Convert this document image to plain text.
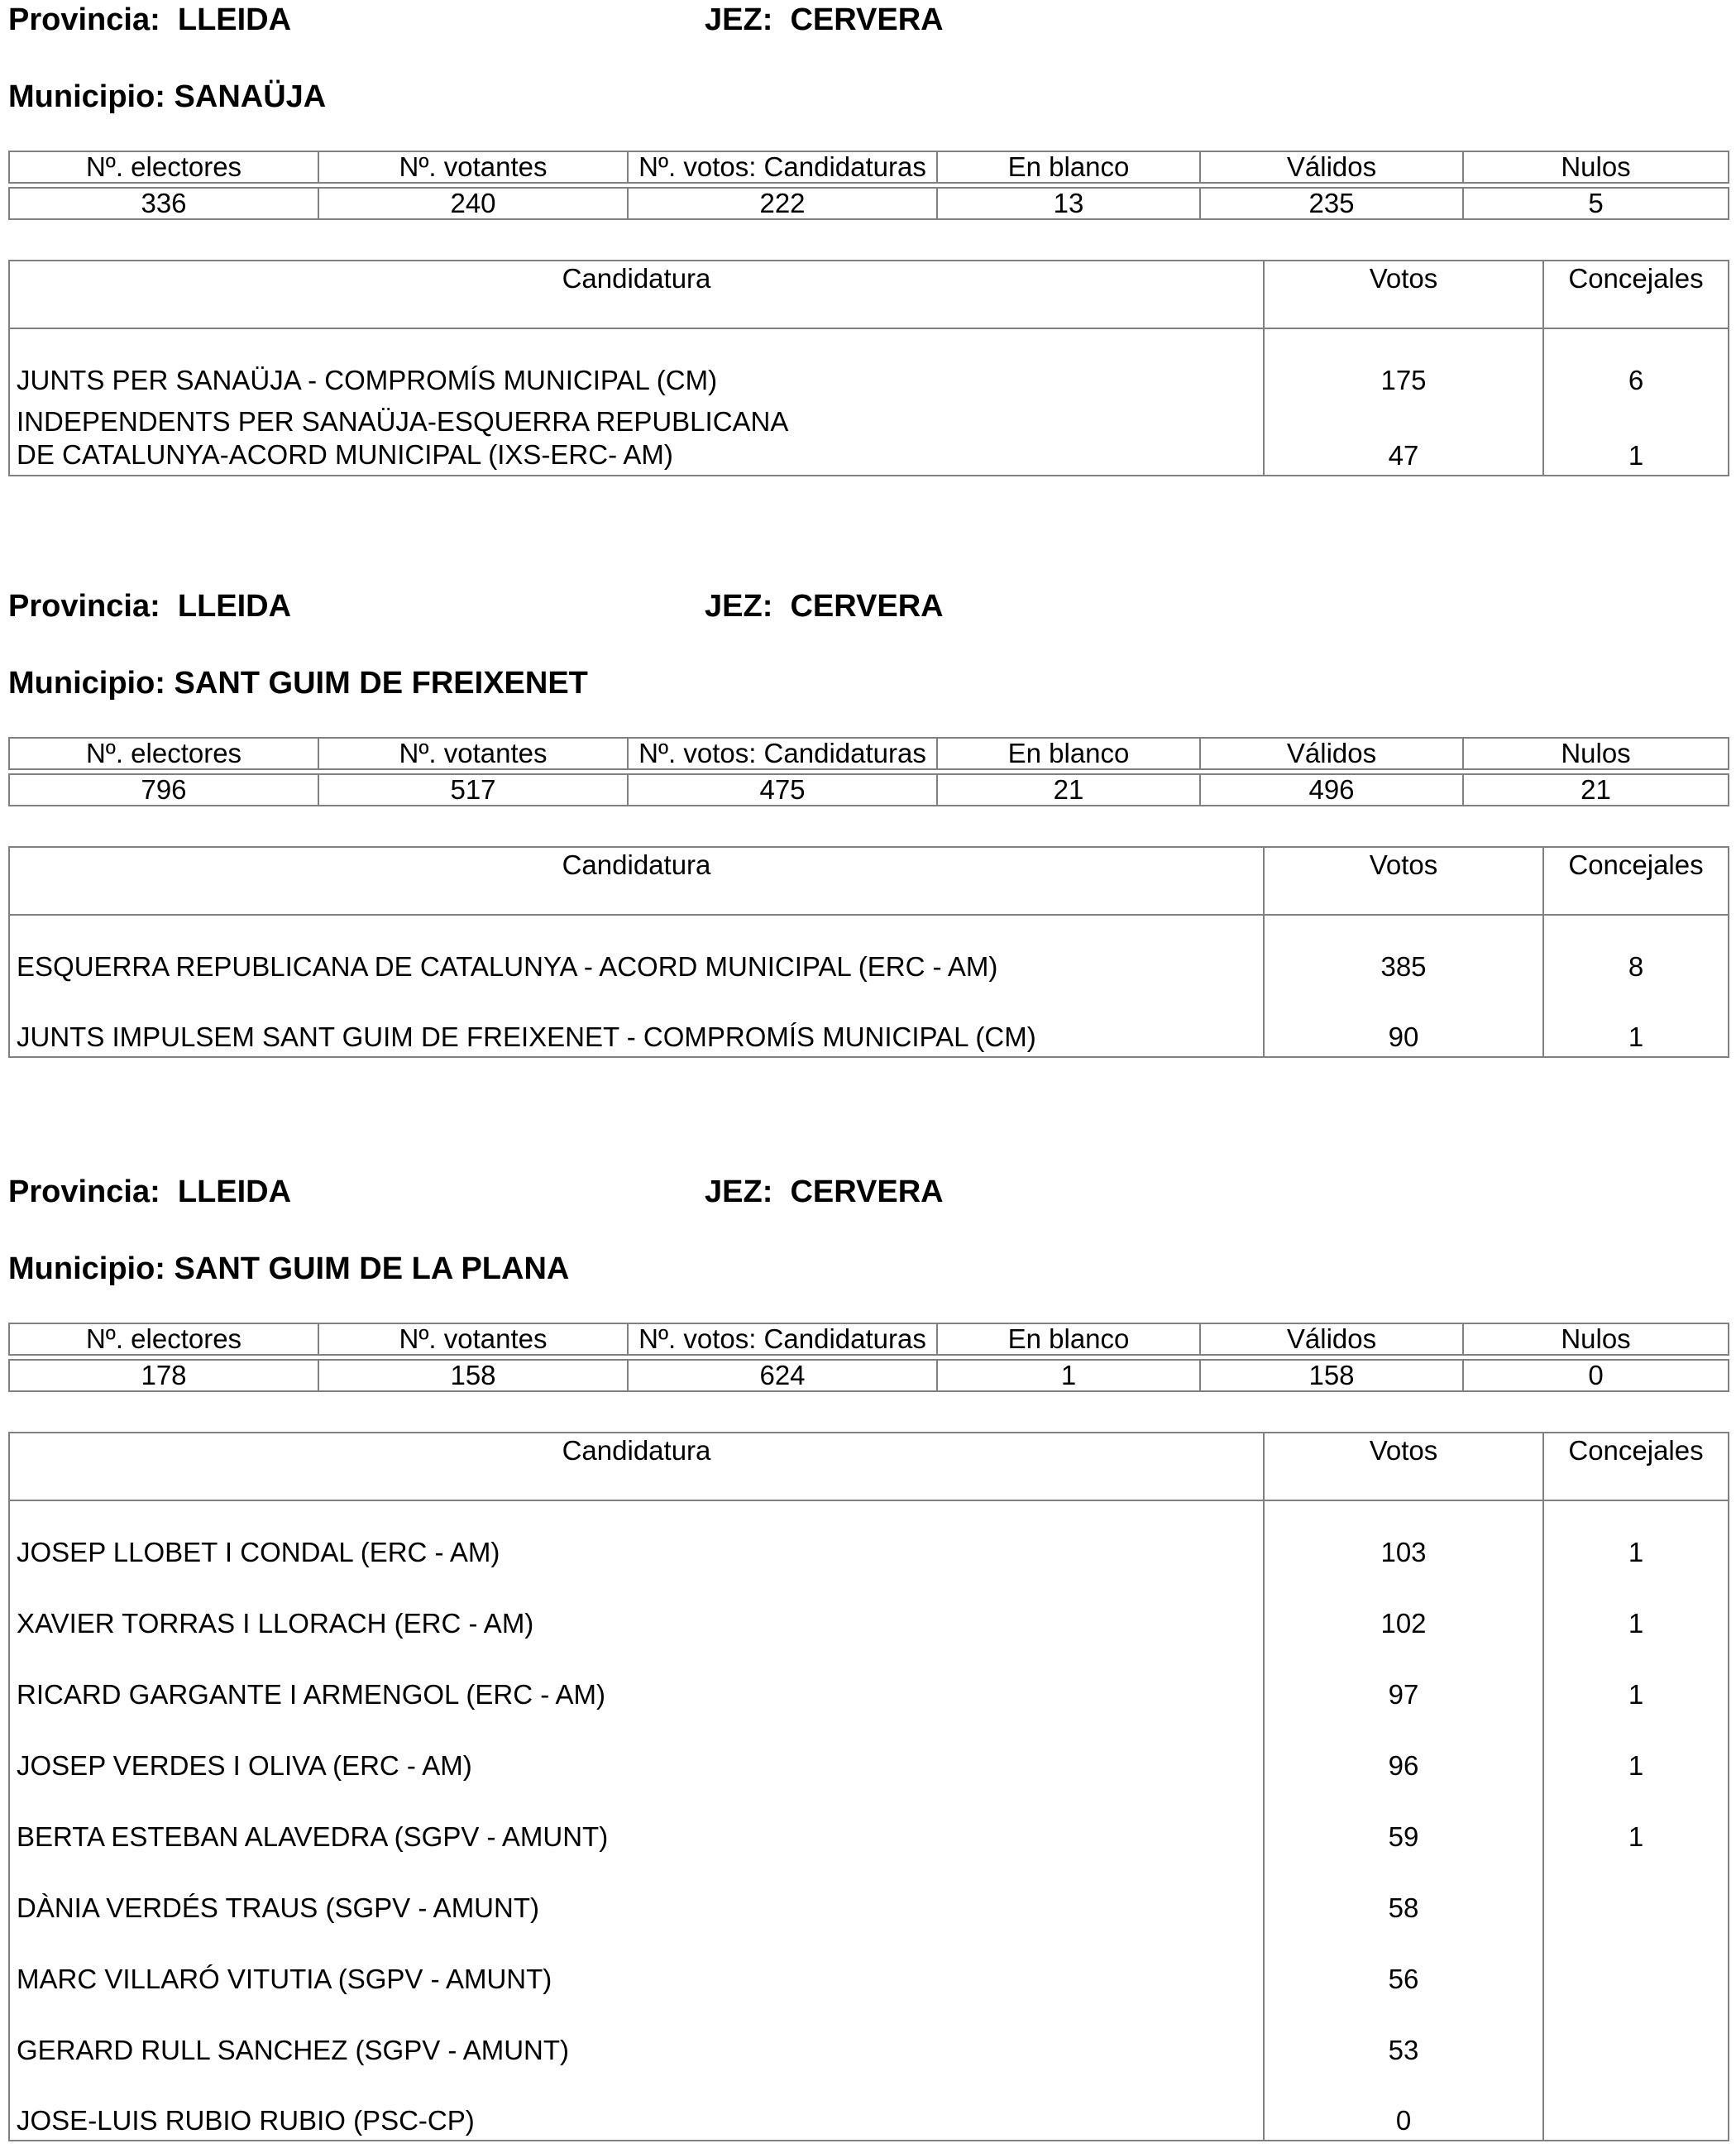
Provincia: LLEIDA	JEZ: CERVERA
Municipio: SANAÜJA
Nº. electores	Nº. votantes	Nº. votos: Candidaturas	En blanco	Válidos	Nulos
336	240	222	13	235	5
Candidatura	Votos	Concejales
JUNTS PER SANAÜJA - COMPROMÍS MUNICIPAL (CM)	175	6
INDEPENDENTS PER SANAÜJA-ESQUERRA REPUBLICANA DE CATALUNYA-ACORD MUNICIPAL (IXS-ERC- AM)	47	1
Provincia: LLEIDA	JEZ: CERVERA
Municipio: SANT GUIM DE FREIXENET
Nº. electores	Nº. votantes	Nº. votos: Candidaturas	En blanco	Válidos	Nulos
796	517	475	21	496	21
Candidatura	Votos	Concejales
ESQUERRA REPUBLICANA DE CATALUNYA - ACORD MUNICIPAL (ERC - AM)	385	8
JUNTS IMPULSEM SANT GUIM DE FREIXENET - COMPROMÍS MUNICIPAL (CM)	90	1
Provincia: LLEIDA	JEZ: CERVERA
Municipio: SANT GUIM DE LA PLANA
Nº. electores	Nº. votantes	Nº. votos: Candidaturas	En blanco	Válidos	Nulos
178	158	624	1	158	0
Candidatura	Votos	Concejales
JOSEP LLOBET I CONDAL (ERC - AM)	103	1
XAVIER TORRAS I LLORACH (ERC - AM)	102	1
RICARD GARGANTE I ARMENGOL (ERC - AM)	97	1
JOSEP VERDES I OLIVA (ERC - AM)	96	1
BERTA ESTEBAN ALAVEDRA (SGPV - AMUNT)	59	1
DÀNIA VERDÉS TRAUS (SGPV - AMUNT)	58	
MARC VILLARÓ VITUTIA (SGPV - AMUNT)	56	
GERARD RULL SANCHEZ (SGPV - AMUNT)	53	
JOSE-LUIS RUBIO RUBIO (PSC-CP)	0	
